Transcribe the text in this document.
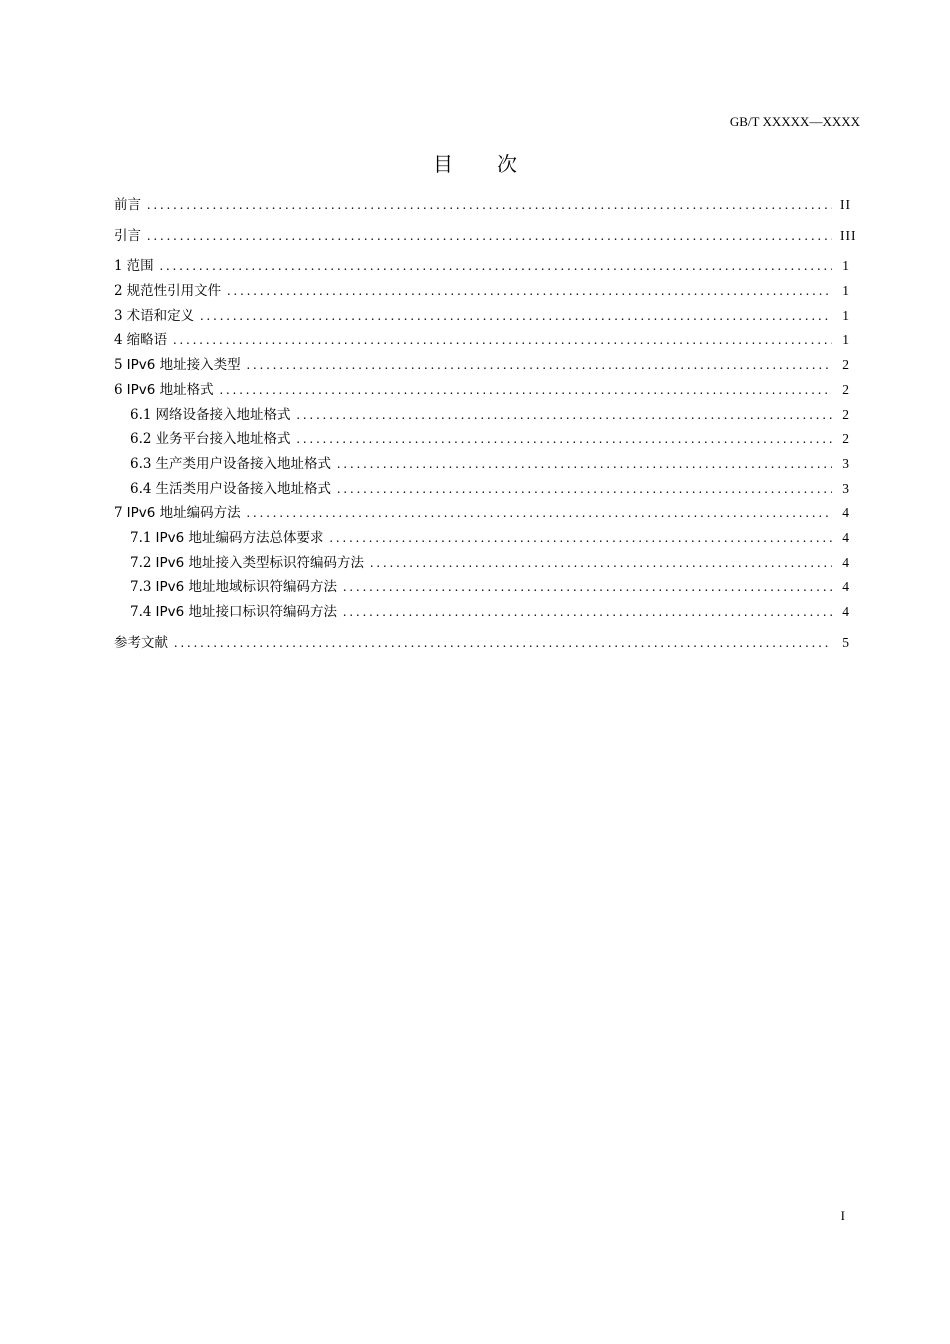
GB/T XXXXX—XXXX
目 次
前言 .....	II
引言 .....	III
1 范围 .....	1
2 规范性引用文件 .....	1
3 术语和定义 .....	1
4 缩略语 .....	1
5 IPv6 地址接入类型 .....	2
6 IPv6 地址格式 .....	2
6.1 网络设备接入地址格式 .....	2
6.2 业务平台接入地址格式 .....	2
6.3 生产类用户设备接入地址格式 .....	3
6.4 生活类用户设备接入地址格式 .....	3
7 IPv6 地址编码方法 .....	4
7.1 IPv6 地址编码方法总体要求 .....	4
7.2 IPv6 地址接入类型标识符编码方法 .....	4
7.3 IPv6 地址地域标识符编码方法 .....	4
7.4 IPv6 地址接口标识符编码方法 .....	4
参考文献 .....	5
I
